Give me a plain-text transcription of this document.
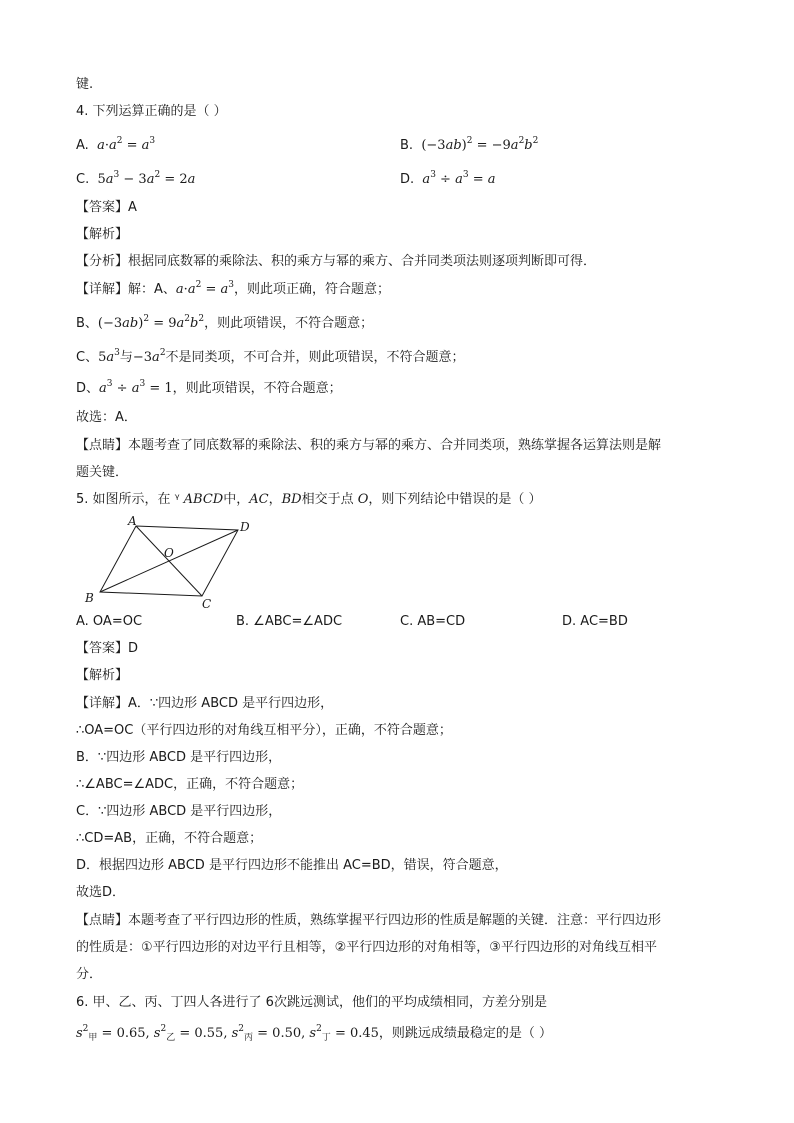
键.
4. 下列运算正确的是（ ）
A. $a\cdot a^2 = a^3$	B. $(-3ab)^2 = -9a^2b^2$
C. $5a^3 - 3a^2 = 2a$	D. $a^3 \div a^3 = a$
【答案】A
【解析】
【分析】根据同底数幂的乘除法、积的乘方与幂的乘方、合并同类项法则逐项判断即可得．
【详解】解：A、$a\cdot a^2 = a^3$，则此项正确，符合题意；
B、$(-3ab)^2 = 9a^2b^2$，则此项错误，不符合题意；
C、$5a^3$与$-3a^2$不是同类项，不可合并，则此项错误，不符合题意；
D、$a^3 \div a^3 = 1$，则此项错误，不符合题意；
故选：A．
【点睛】本题考查了同底数幂的乘除法、积的乘方与幂的乘方、合并同类项，熟练掌握各运算法则是解
题关键．
5. 如图所示，在 ᵞ ABCD中，AC，BD相交于点 O，则下列结论中错误的是（ ）
A	D
B	C
O
A. OA=OC	B. ∠ABC=∠ADC	C. AB=CD	D. AC=BD
【答案】D
【解析】
【详解】A．∵四边形 ABCD 是平行四边形，
∴OA=OC（平行四边形的对角线互相平分），正确，不符合题意；
B．∵四边形 ABCD 是平行四边形，
∴∠ABC=∠ADC，正确，不符合题意；
C．∵四边形 ABCD 是平行四边形，
∴CD=AB，正确，不符合题意；
D．根据四边形 ABCD 是平行四边形不能推出 AC=BD，错误，符合题意，
故选D．
【点睛】本题考查了平行四边形的性质，熟练掌握平行四边形的性质是解题的关键．注意：平行四边形
的性质是：①平行四边形的对边平行且相等，②平行四边形的对角相等，③平行四边形的对角线互相平
分．
6. 甲、乙、丙、丁四人各进行了 6次跳远测试，他们的平均成绩相同，方差分别是
$s^2_甲 = 0.65$, $s^2_乙 = 0.55$, $s^2_丙 = 0.50$, $s^2_丁 = 0.45$，则跳远成绩最稳定的是（ ）
